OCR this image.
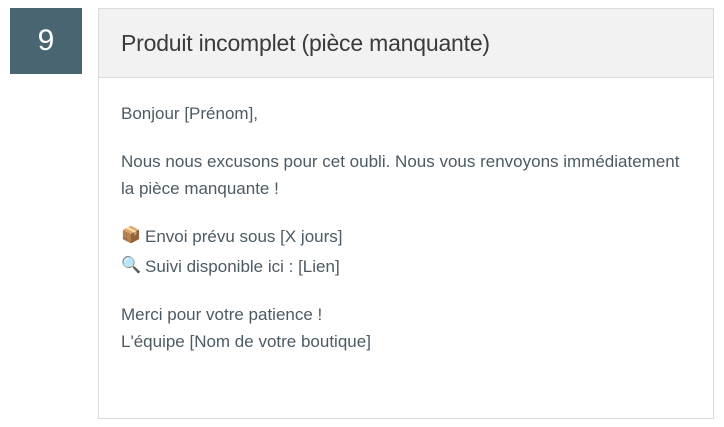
9	Produit incomplet (pièce manquante)

Bonjour [Prénom],

Nous nous excusons pour cet oubli. Nous vous renvoyons immédiatement la pièce manquante !

📦 Envoi prévu sous [X jours]
🔍 Suivi disponible ici : [Lien]

Merci pour votre patience !

L'équipe [Nom de votre boutique]
